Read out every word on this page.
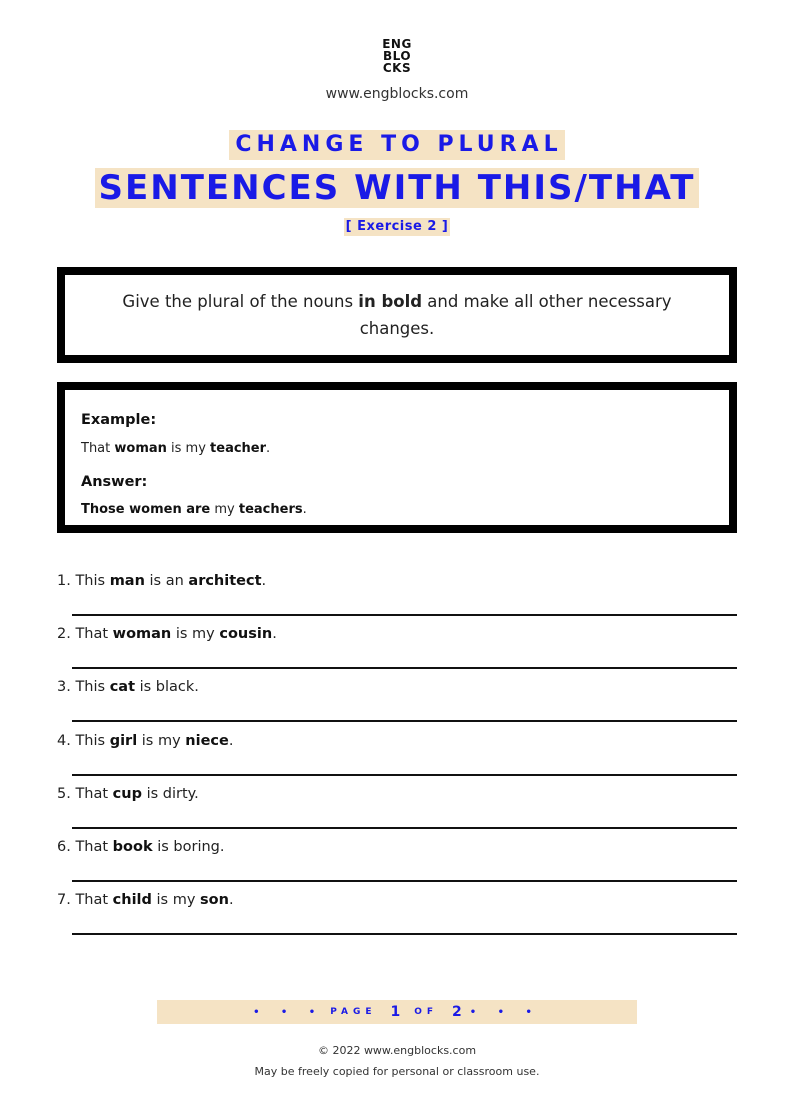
ENG
BLO
CKS
www.engblocks.com
CHANGE TO PLURAL
SENTENCES WITH THIS/THAT
[ Exercise 2 ]
Give the plural of the nouns in bold and make all other necessary changes.
Example:
That woman is my teacher.
Answer:
Those women are my teachers.
1. This man is an architect.
2. That woman is my cousin.
3. This cat is black.
4. This girl is my niece.
5. That cup is dirty.
6. That book is boring.
7. That child is my son.
• • • PAGE 1 OF 2 • • •
© 2022 www.engblocks.com
May be freely copied for personal or classroom use.
